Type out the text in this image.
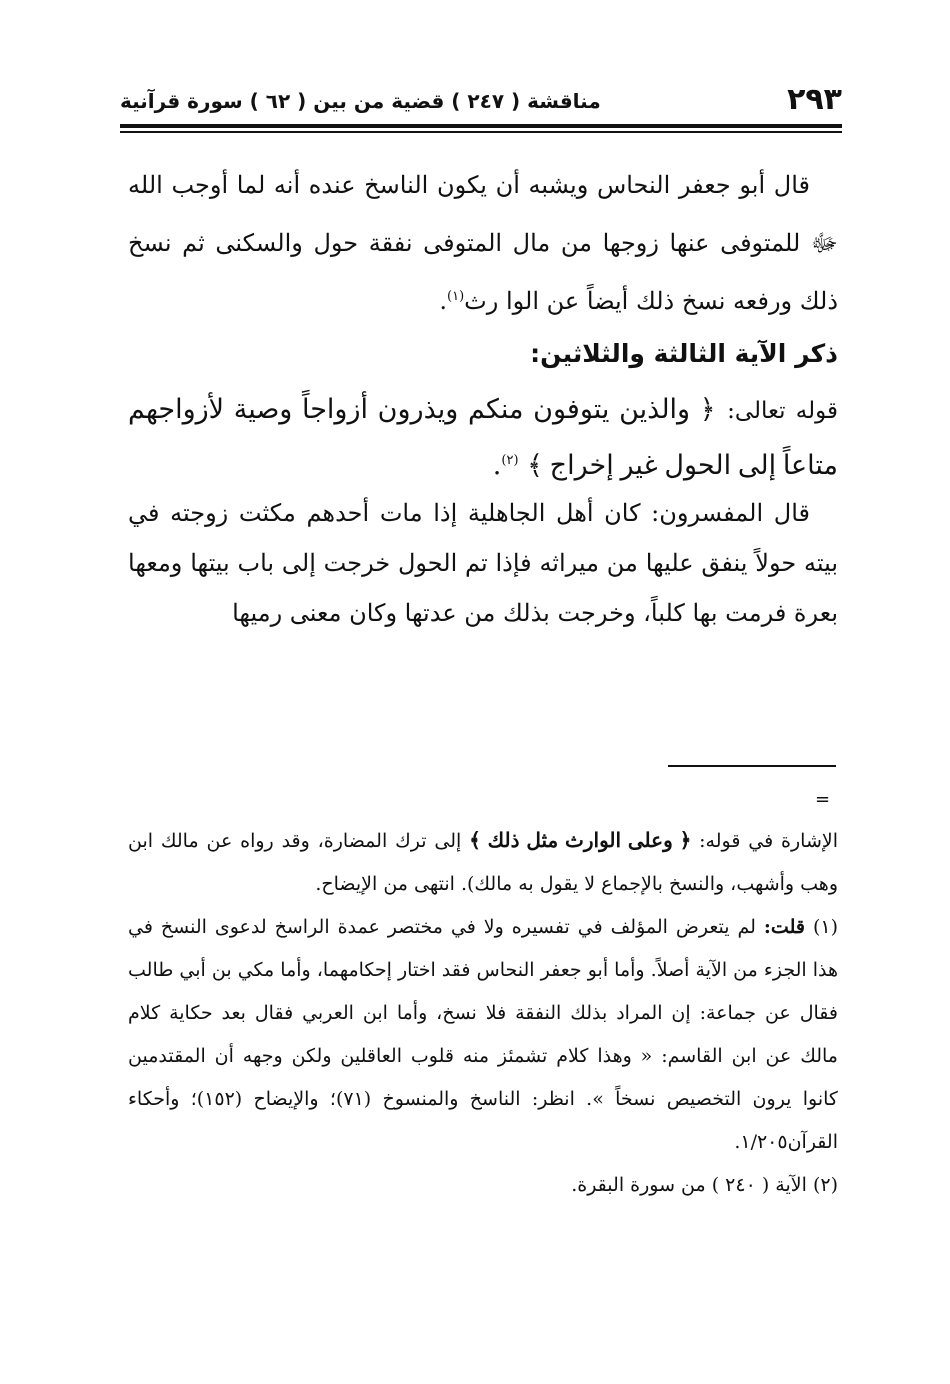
٢٩٣
مناقشة ( ٢٤٧ ) قضية من بين ( ٦٢ ) سورة قرآنية

قال أبو جعفر النحاس ويشبه أن يكون الناسخ عنده أنه لما أوجب الله ﷻ للمتوفى عنها زوجها من مال المتوفى نفقة حول والسكنى ثم نسخ ذلك ورفعه نسخ ذلك أيضاً عن الوا رث$^{(١)}$.

ذكر الآية الثالثة والثلاثين:
قوله تعالى: ﴿ والذين يتوفون منكم ويذرون أزواجاً وصية لأزواجهم متاعاً إلى الحول غير إخراج ﴾ $^{(٢)}$.

قال المفسرون: كان أهل الجاهلية إذا مات أحدهم مكثت زوجته في بيته حولاً ينفق عليها من ميراثه فإذا تم الحول خرجت إلى باب بيتها ومعها بعرة فرمت بها كلباً، وخرجت بذلك من عدتها وكان معنى رميها

=

الإشارة في قوله: ﴿ وعلى الوارث مثل ذلك ﴾ إلى ترك المضارة، وقد رواه عن مالك ابن وهب وأشهب، والنسخ بالإجماع لا يقول به مالك). انتهى من الإيضاح.

(١) قلت: لم يتعرض المؤلف في تفسيره ولا في مختصر عمدة الراسخ لدعوى النسخ في هذا الجزء من الآية أصلاً. وأما أبو جعفر النحاس فقد اختار إحكامهما، وأما مكي بن أبي طالب فقال عن جماعة: إن المراد بذلك النفقة فلا نسخ، وأما ابن العربي فقال بعد حكاية كلام مالك عن ابن القاسم: « وهذا كلام تشمئز منه قلوب العاقلين ولكن وجهه أن المقتدمين كانوا يرون التخصيص نسخاً ». انظر: الناسخ والمنسوخ (٧١)؛ والإيضاح (١٥٢)؛ وأحكاء القرآن١/٢٠٥.

(٢) الآية ( ٢٤٠ ) من سورة البقرة.
